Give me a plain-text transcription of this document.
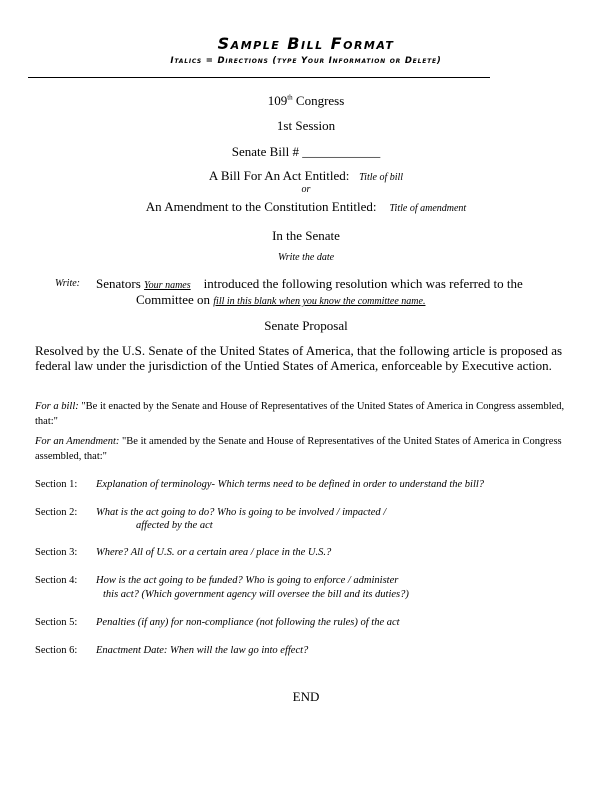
Sample Bill Format
Italics = Directions (type Your Information or Delete)
109th Congress
1st Session
Senate Bill # ____________
A Bill For An Act Entitled: Title of bill
or
An Amendment to the Constitution Entitled: Title of amendment
In the Senate
Write the date
Write: Senators Your names introduced the following resolution which was referred to the
Committee on fill in this blank when you know the committee name.
Senate Proposal
Resolved by the U.S. Senate of the United States of America, that the following article is proposed as federal law under the jurisdiction of the Untied States of America, enforceable by Executive action.
For a bill: "Be it enacted by the Senate and House of Representatives of the United States of America in Congress assembled, that:"
For an Amendment: "Be it amended by the Senate and House of Representatives of the United States of America in Congress assembled, that:"
Section 1: Explanation of terminology- Which terms need to be defined in order to understand the bill?
Section 2: What is the act going to do? Who is going to be involved / impacted /
affected by the act
Section 3: Where? All of U.S. or a certain area / place in the U.S.?
Section 4: How is the act going to be funded? Who is going to enforce / administer
this act? (Which government agency will oversee the bill and its duties?)
Section 5: Penalties (if any) for non-compliance (not following the rules) of the act
Section 6: Enactment Date: When will the law go into effect?
END
